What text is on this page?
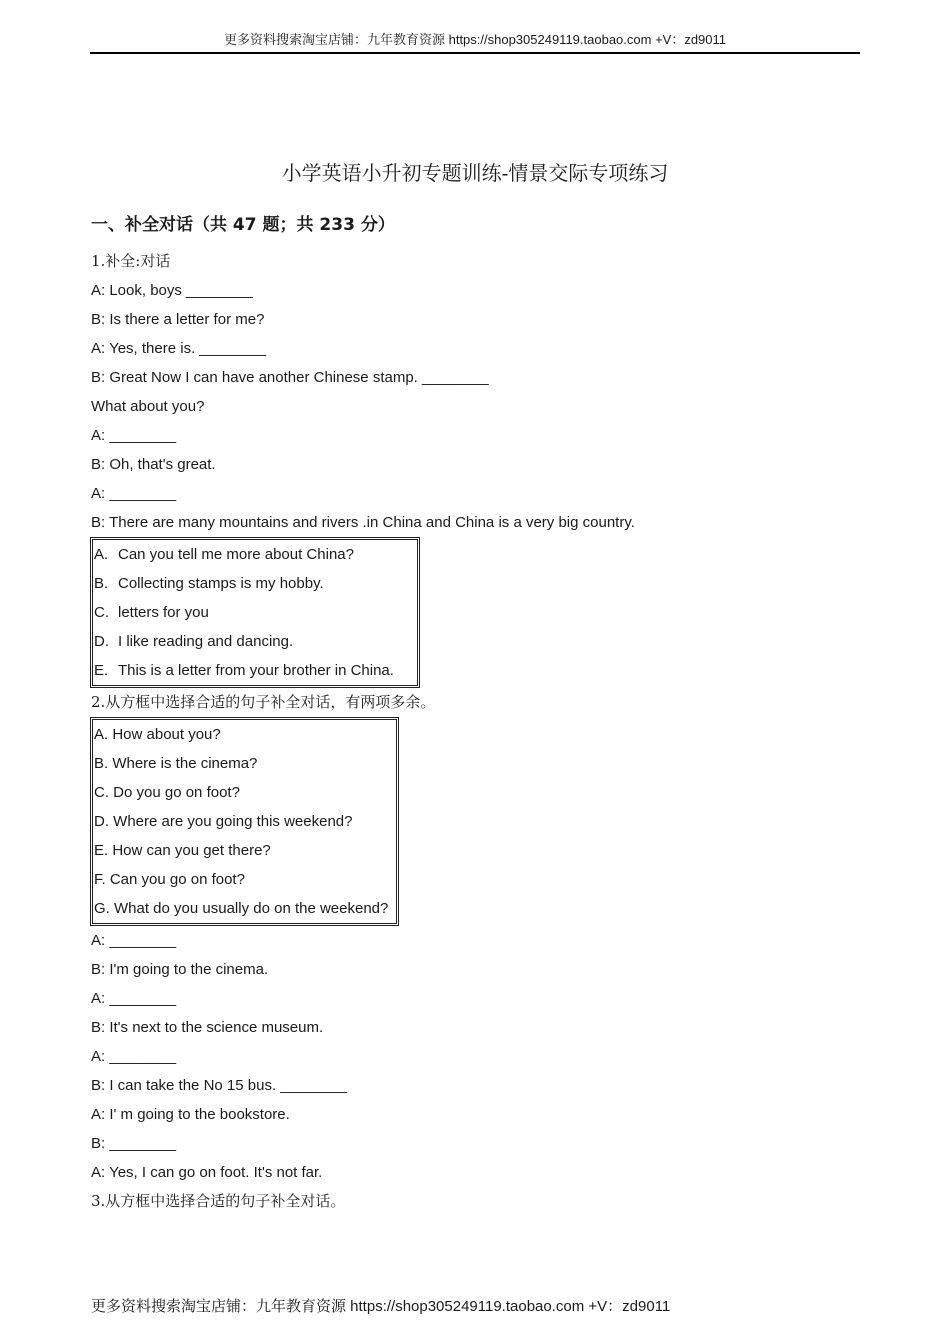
更多资料搜索淘宝店铺：九年教育资源 https://shop305249119.taobao.com +V：zd9011
小学英语小升初专题训练-情景交际专项练习
一、补全对话（共 47 题；共 233 分）
1.补全:对话
A: Look, boys ________
B: Is there a letter for me?
A: Yes, there is. ________
B: Great Now I can have another Chinese stamp. ________
What about you?
A: ________
B: Oh, that's great.
A: ________
B: There are many mountains and rivers .in China and China is a very big country.
A. Can you tell me more about China?
B. Collecting stamps is my hobby.
C. letters for you
D. I like reading and dancing.
E. This is a letter from your brother in China.
2.从方框中选择合适的句子补全对话，有两项多余。
A. How about you?
B. Where is the cinema?
C. Do you go on foot?
D. Where are you going this weekend?
E. How can you get there?
F. Can you go on foot?
G. What do you usually do on the weekend?
A: ________
B: I'm going to the cinema.
A: ________
B: It's next to the science museum.
A: ________
B: I can take the No 15 bus. ________
A: I' m going to the bookstore.
B: ________
A: Yes, I can go on foot. It's not far.
3.从方框中选择合适的句子补全对话。
更多资料搜索淘宝店铺：九年教育资源 https://shop305249119.taobao.com +V：zd9011
